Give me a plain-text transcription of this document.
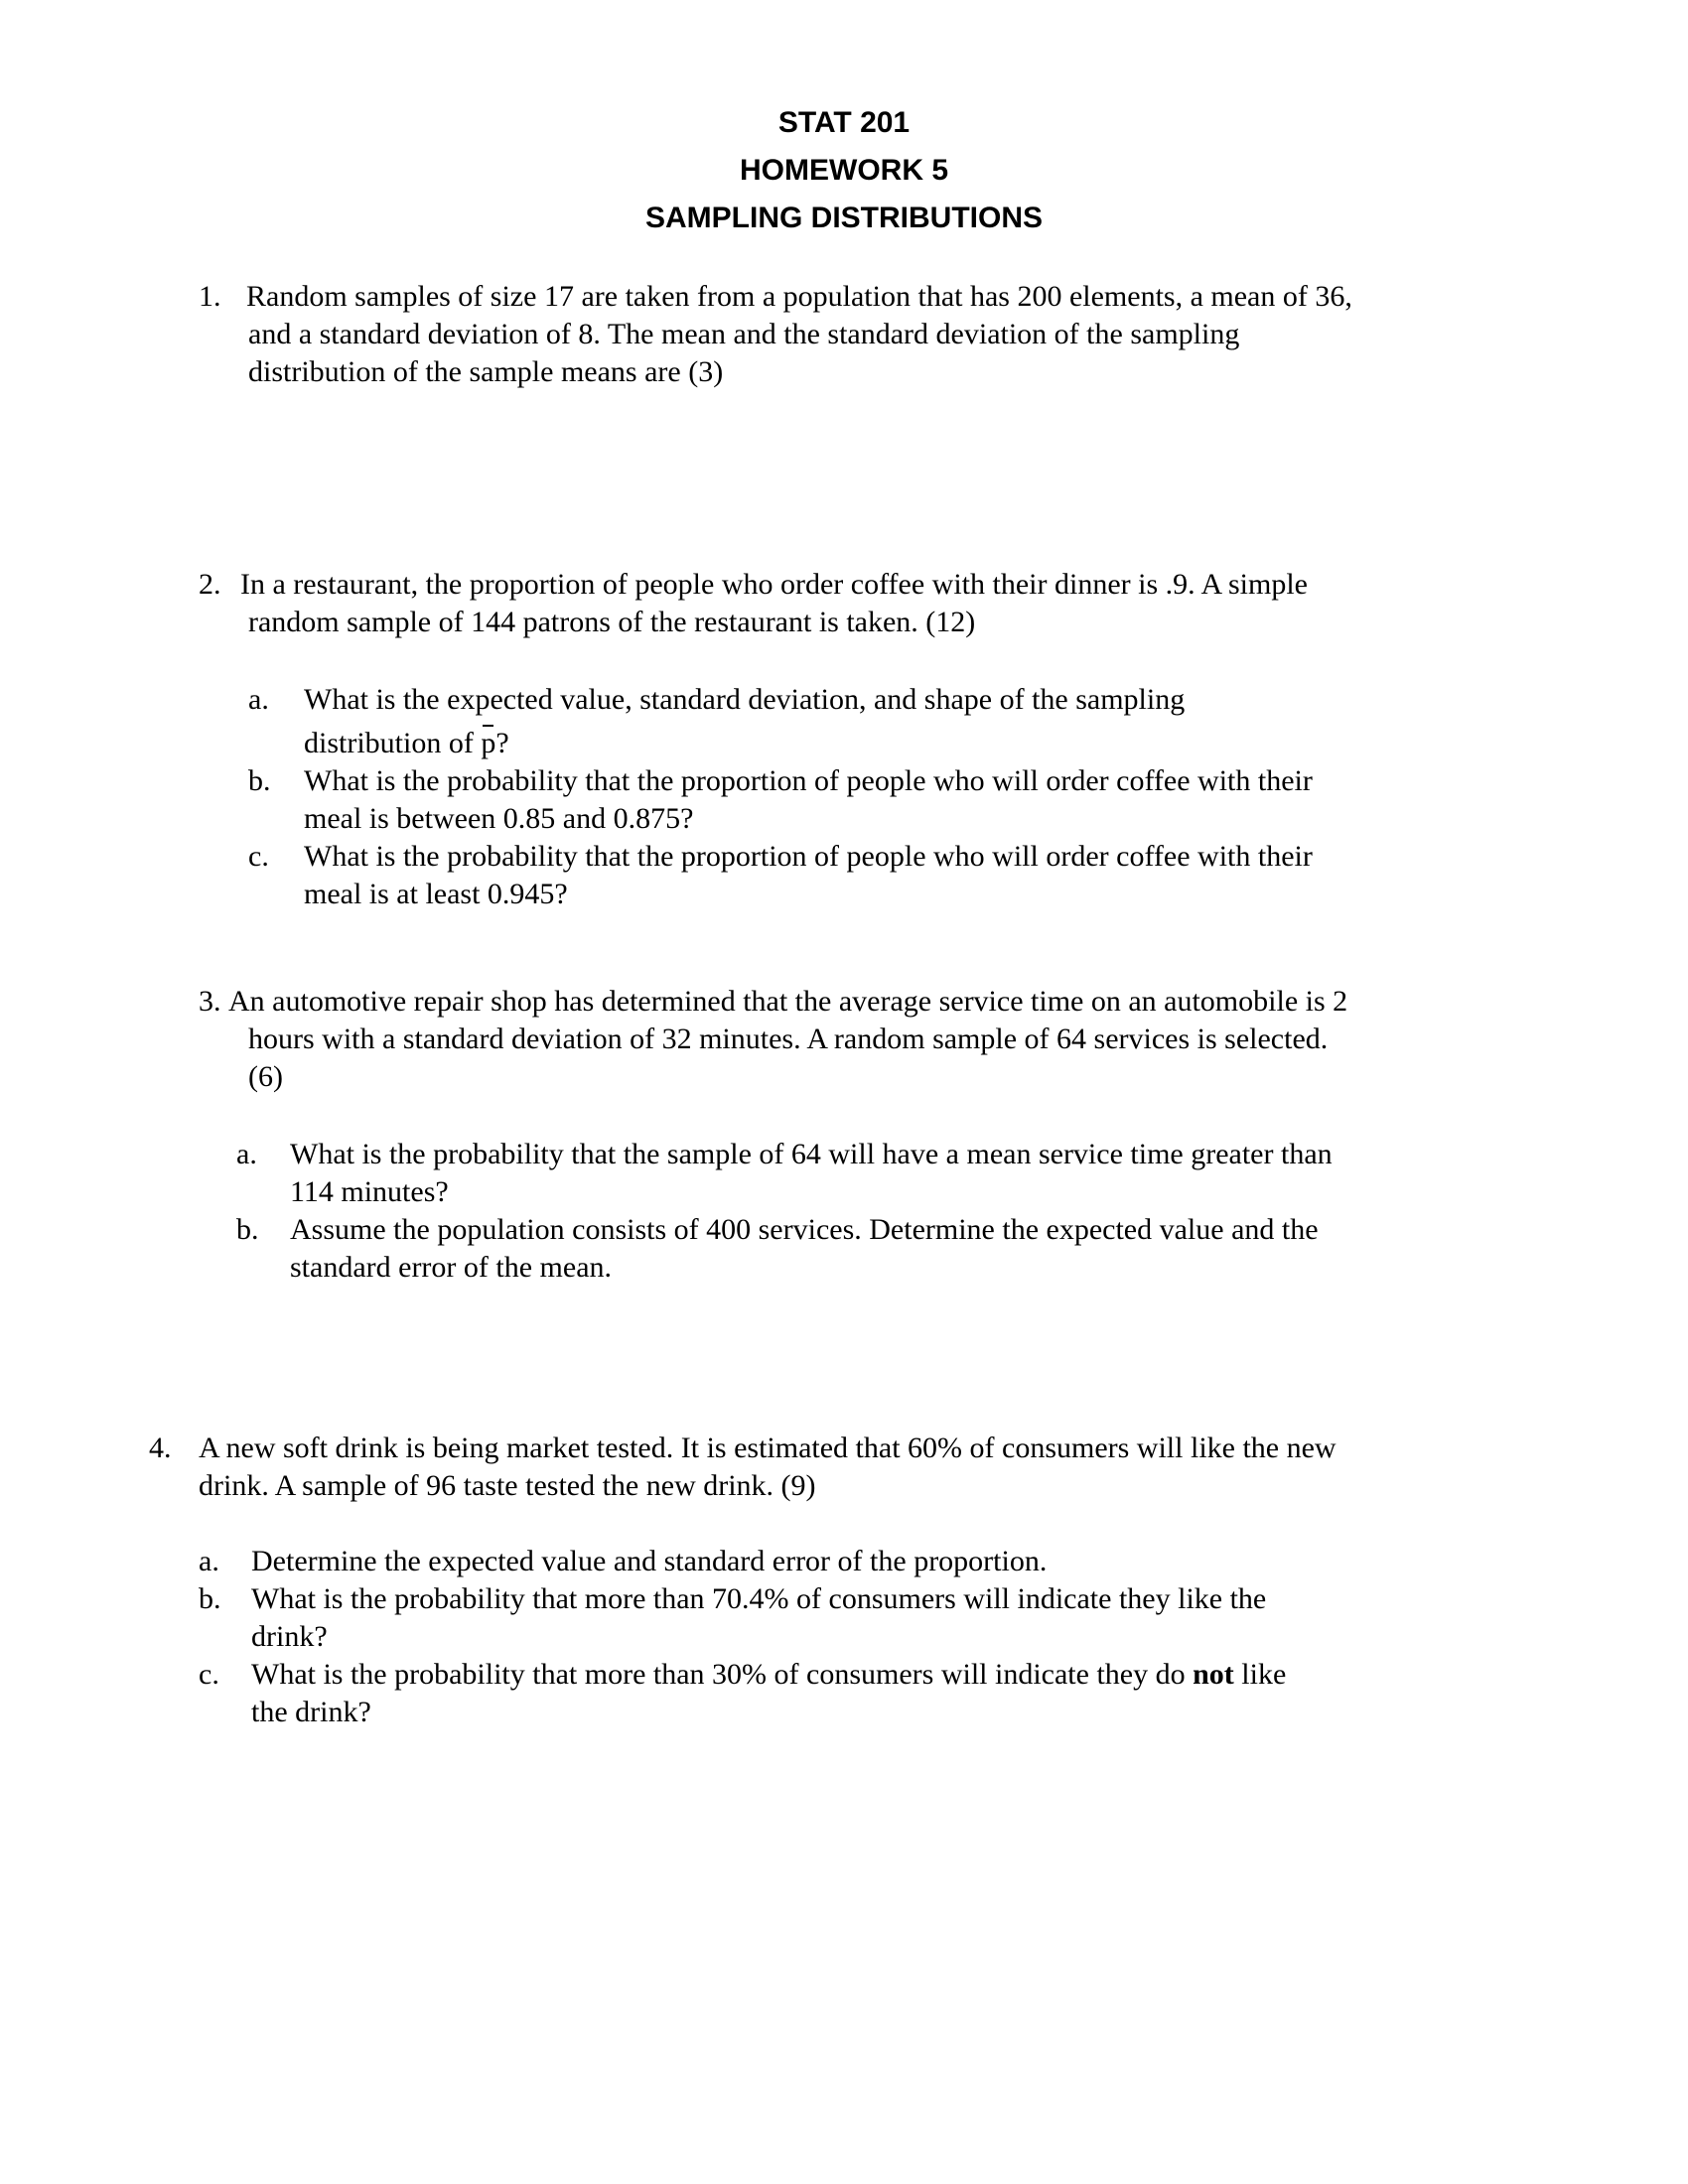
STAT 201
HOMEWORK 5
SAMPLING DISTRIBUTIONS
1. Random samples of size 17 are taken from a population that has 200 elements, a mean of 36,
and a standard deviation of 8. The mean and the standard deviation of the sampling
distribution of the sample means are (3)
2. In a restaurant, the proportion of people who order coffee with their dinner is .9. A simple
random sample of 144 patrons of the restaurant is taken. (12)
a. What is the expected value, standard deviation, and shape of the sampling
distribution of
p?
b. What is the probability that the proportion of people who will order coffee with their
meal is between 0.85 and 0.875?
c. What is the probability that the proportion of people who will order coffee with their
meal is at least 0.945?
3. An automotive repair shop has determined that the average service time on an automobile is 2
hours with a standard deviation of 32 minutes. A random sample of 64 services is selected.
(6)
a. What is the probability that the sample of 64 will have a mean service time greater than
114 minutes?
b. Assume the population consists of 400 services. Determine the expected value and the
standard error of the mean.
4. A new soft drink is being market tested. It is estimated that 60% of consumers will like the new
drink. A sample of 96 taste tested the new drink. (9)
a. Determine the expected value and standard error of the proportion.
b. What is the probability that more than 70.4% of consumers will indicate they like the
drink?
c. What is the probability that more than 30% of consumers will indicate they do not like
the drink?
